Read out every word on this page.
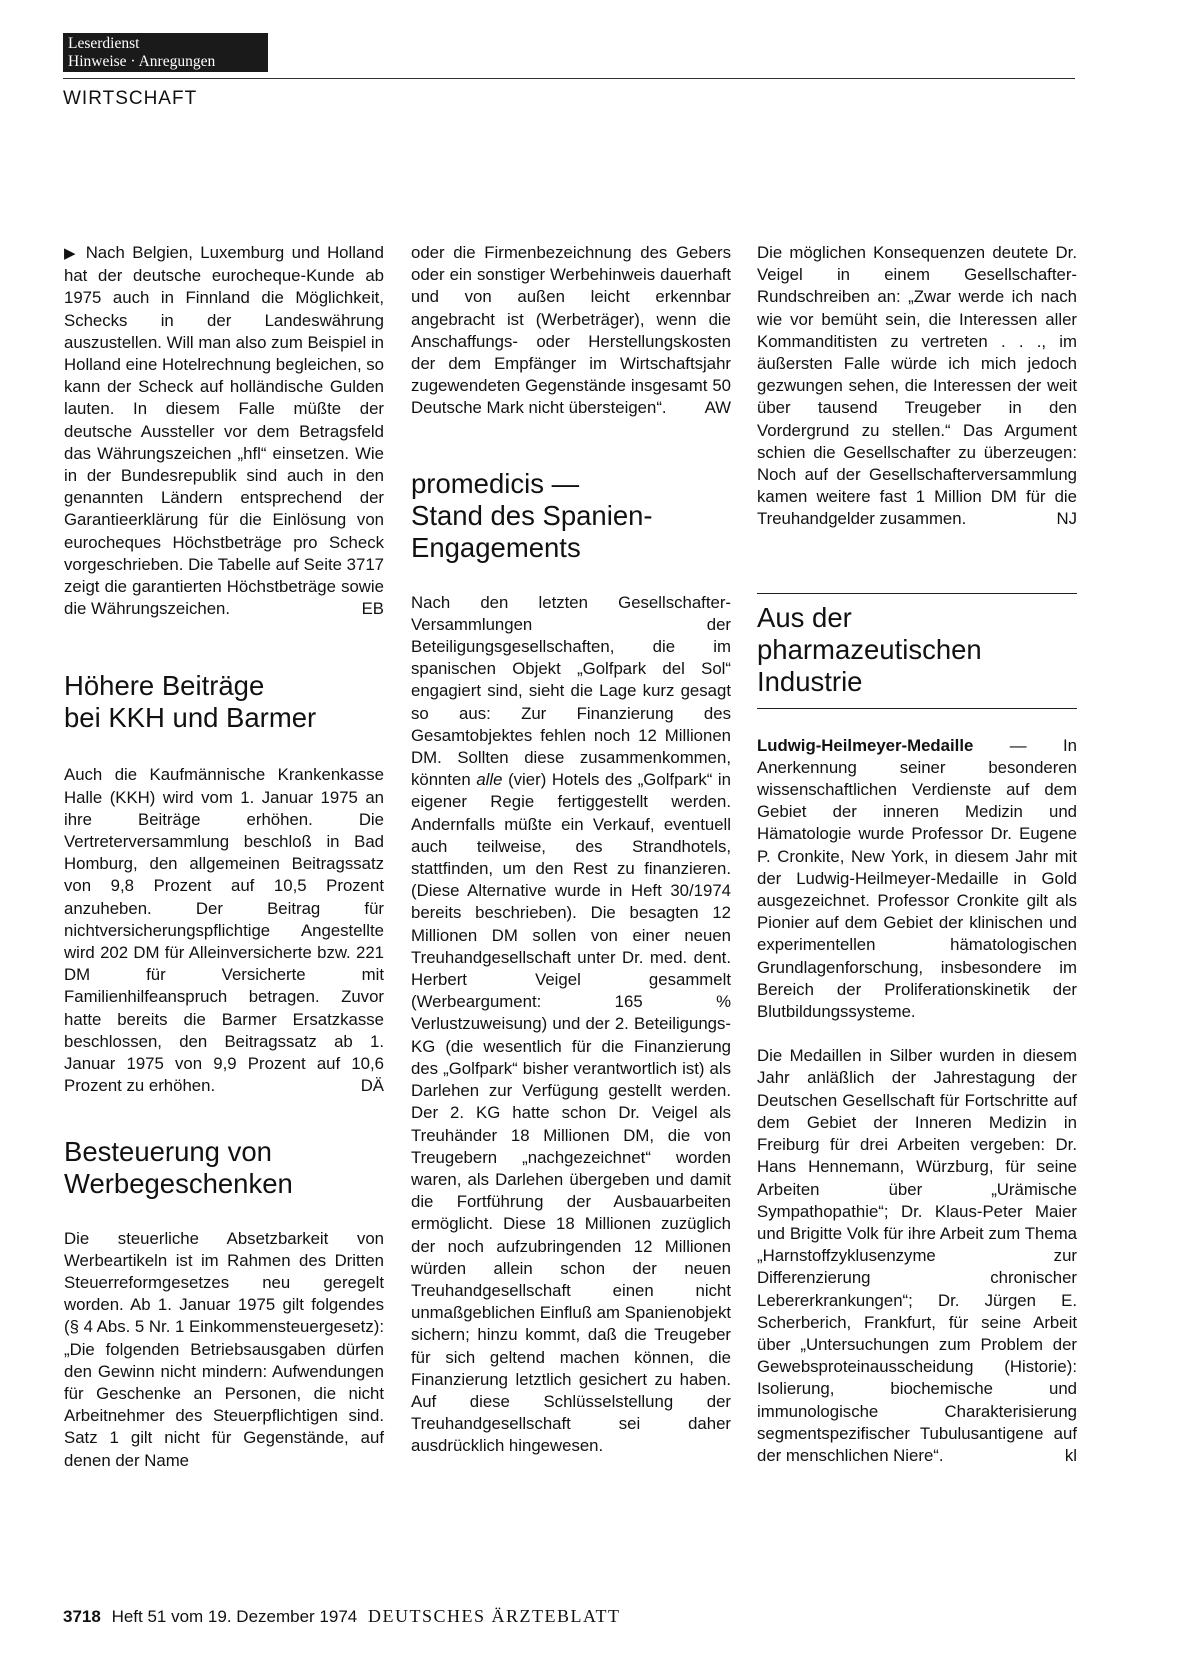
Leserdienst
Hinweise · Anregungen
WIRTSCHAFT

▶ Nach Belgien, Luxemburg und Holland hat der deutsche eurocheque-Kunde ab 1975 auch in Finnland die Möglichkeit, Schecks in der Landeswährung auszustellen. Will man also zum Beispiel in Holland eine Hotelrechnung begleichen, so kann der Scheck auf holländische Gulden lauten. In diesem Falle müßte der deutsche Aussteller vor dem Betragsfeld das Währungszeichen „hfl“ einsetzen. Wie in der Bundesrepublik sind auch in den genannten Ländern entsprechend der Garantieerklärung für die Einlösung von eurocheques Höchstbeträge pro Scheck vorgeschrieben. Die Tabelle auf Seite 3717 zeigt die garantierten Höchstbeträge sowie die Währungszeichen.	EB

Höhere Beiträge
bei KKH und Barmer

Auch die Kaufmännische Krankenkasse Halle (KKH) wird vom 1. Januar 1975 an ihre Beiträge erhöhen. Die Vertreterversammlung beschloß in Bad Homburg, den allgemeinen Beitragssatz von 9,8 Prozent auf 10,5 Prozent anzuheben. Der Beitrag für nichtversicherungspflichtige Angestellte wird 202 DM für Alleinversicherte bzw. 221 DM für Versicherte mit Familienhilfeanspruch betragen. Zuvor hatte bereits die Barmer Ersatzkasse beschlossen, den Beitragssatz ab 1. Januar 1975 von 9,9 Prozent auf 10,6 Prozent zu erhöhen.	DÄ

Besteuerung von
Werbegeschenken

Die steuerliche Absetzbarkeit von Werbeartikeln ist im Rahmen des Dritten Steuerreformgesetzes neu geregelt worden. Ab 1. Januar 1975 gilt folgendes (§ 4 Abs. 5 Nr. 1 Einkommensteuergesetz): „Die folgenden Betriebsausgaben dürfen den Gewinn nicht mindern: Aufwendungen für Geschenke an Personen, die nicht Arbeitnehmer des Steuerpflichtigen sind. Satz 1 gilt nicht für Gegenstände, auf denen der Name

oder die Firmenbezeichnung des Gebers oder ein sonstiger Werbehinweis dauerhaft und von außen leicht erkennbar angebracht ist (Werbeträger), wenn die Anschaffungs- oder Herstellungskosten der dem Empfänger im Wirtschaftsjahr zugewendeten Gegenstände insgesamt 50 Deutsche Mark nicht übersteigen“. AW

promedicis —
Stand des Spanien-
Engagements

Nach den letzten Gesellschafter-Versammlungen der Beteiligungsgesellschaften, die im spanischen Objekt „Golfpark del Sol“ engagiert sind, sieht die Lage kurz gesagt so aus: Zur Finanzierung des Gesamtobjektes fehlen noch 12 Millionen DM. Sollten diese zusammenkommen, könnten alle (vier) Hotels des „Golfpark“ in eigener Regie fertiggestellt werden. Andernfalls müßte ein Verkauf, eventuell auch teilweise, des Strandhotels, stattfinden, um den Rest zu finanzieren. (Diese Alternative wurde in Heft 30/1974 bereits beschrieben). Die besagten 12 Millionen DM sollen von einer neuen Treuhandgesellschaft unter Dr. med. dent. Herbert Veigel gesammelt (Werbeargument: 165 % Verlustzuweisung) und der 2. Beteiligungs-KG (die wesentlich für die Finanzierung des „Golfpark“ bisher verantwortlich ist) als Darlehen zur Verfügung gestellt werden. Der 2. KG hatte schon Dr. Veigel als Treuhänder 18 Millionen DM, die von Treugebern „nachgezeichnet“ worden waren, als Darlehen übergeben und damit die Fortführung der Ausbauarbeiten ermöglicht. Diese 18 Millionen zuzüglich der noch aufzubringenden 12 Millionen würden allein schon der neuen Treuhandgesellschaft einen nicht unmaßgeblichen Einfluß am Spanienobjekt sichern; hinzu kommt, daß die Treugeber für sich geltend machen können, die Finanzierung letztlich gesichert zu haben. Auf diese Schlüsselstellung der Treuhandgesellschaft sei daher ausdrücklich hingewesen.

Die möglichen Konsequenzen deutete Dr. Veigel in einem Gesellschafter-Rundschreiben an: „Zwar werde ich nach wie vor bemüht sein, die Interessen aller Kommanditisten zu vertreten . . ., im äußersten Falle würde ich mich jedoch gezwungen sehen, die Interessen der weit über tausend Treugeber in den Vordergrund zu stellen.“ Das Argument schien die Gesellschafter zu überzeugen: Noch auf der Gesellschafterversammlung kamen weitere fast 1 Million DM für die Treuhandgelder zusammen.	NJ

Aus der
pharmazeutischen
Industrie

Ludwig-Heilmeyer-Medaille — In Anerkennung seiner besonderen wissenschaftlichen Verdienste auf dem Gebiet der inneren Medizin und Hämatologie wurde Professor Dr. Eugene P. Cronkite, New York, in diesem Jahr mit der Ludwig-Heilmeyer-Medaille in Gold ausgezeichnet. Professor Cronkite gilt als Pionier auf dem Gebiet der klinischen und experimentellen hämatologischen Grundlagenforschung, insbesondere im Bereich der Proliferationskinetik der Blutbildungssysteme.

Die Medaillen in Silber wurden in diesem Jahr anläßlich der Jahrestagung der Deutschen Gesellschaft für Fortschritte auf dem Gebiet der Inneren Medizin in Freiburg für drei Arbeiten vergeben: Dr. Hans Hennemann, Würzburg, für seine Arbeiten über „Urämische Sympathopathie“; Dr. Klaus-Peter Maier und Brigitte Volk für ihre Arbeit zum Thema „Harnstoffzyklusenzyme zur Differenzierung chronischer Lebererkrankungen“; Dr. Jürgen E. Scherberich, Frankfurt, für seine Arbeit über „Untersuchungen zum Problem der Gewebsproteinausscheidung (Historie): Isolierung, biochemische und immunologische Charakterisierung segmentspezifischer Tubulusantigene auf der menschlichen Niere“.	kl

3718 Heft 51 vom 19. Dezember 1974 DEUTSCHES ÄRZTEBLATT
